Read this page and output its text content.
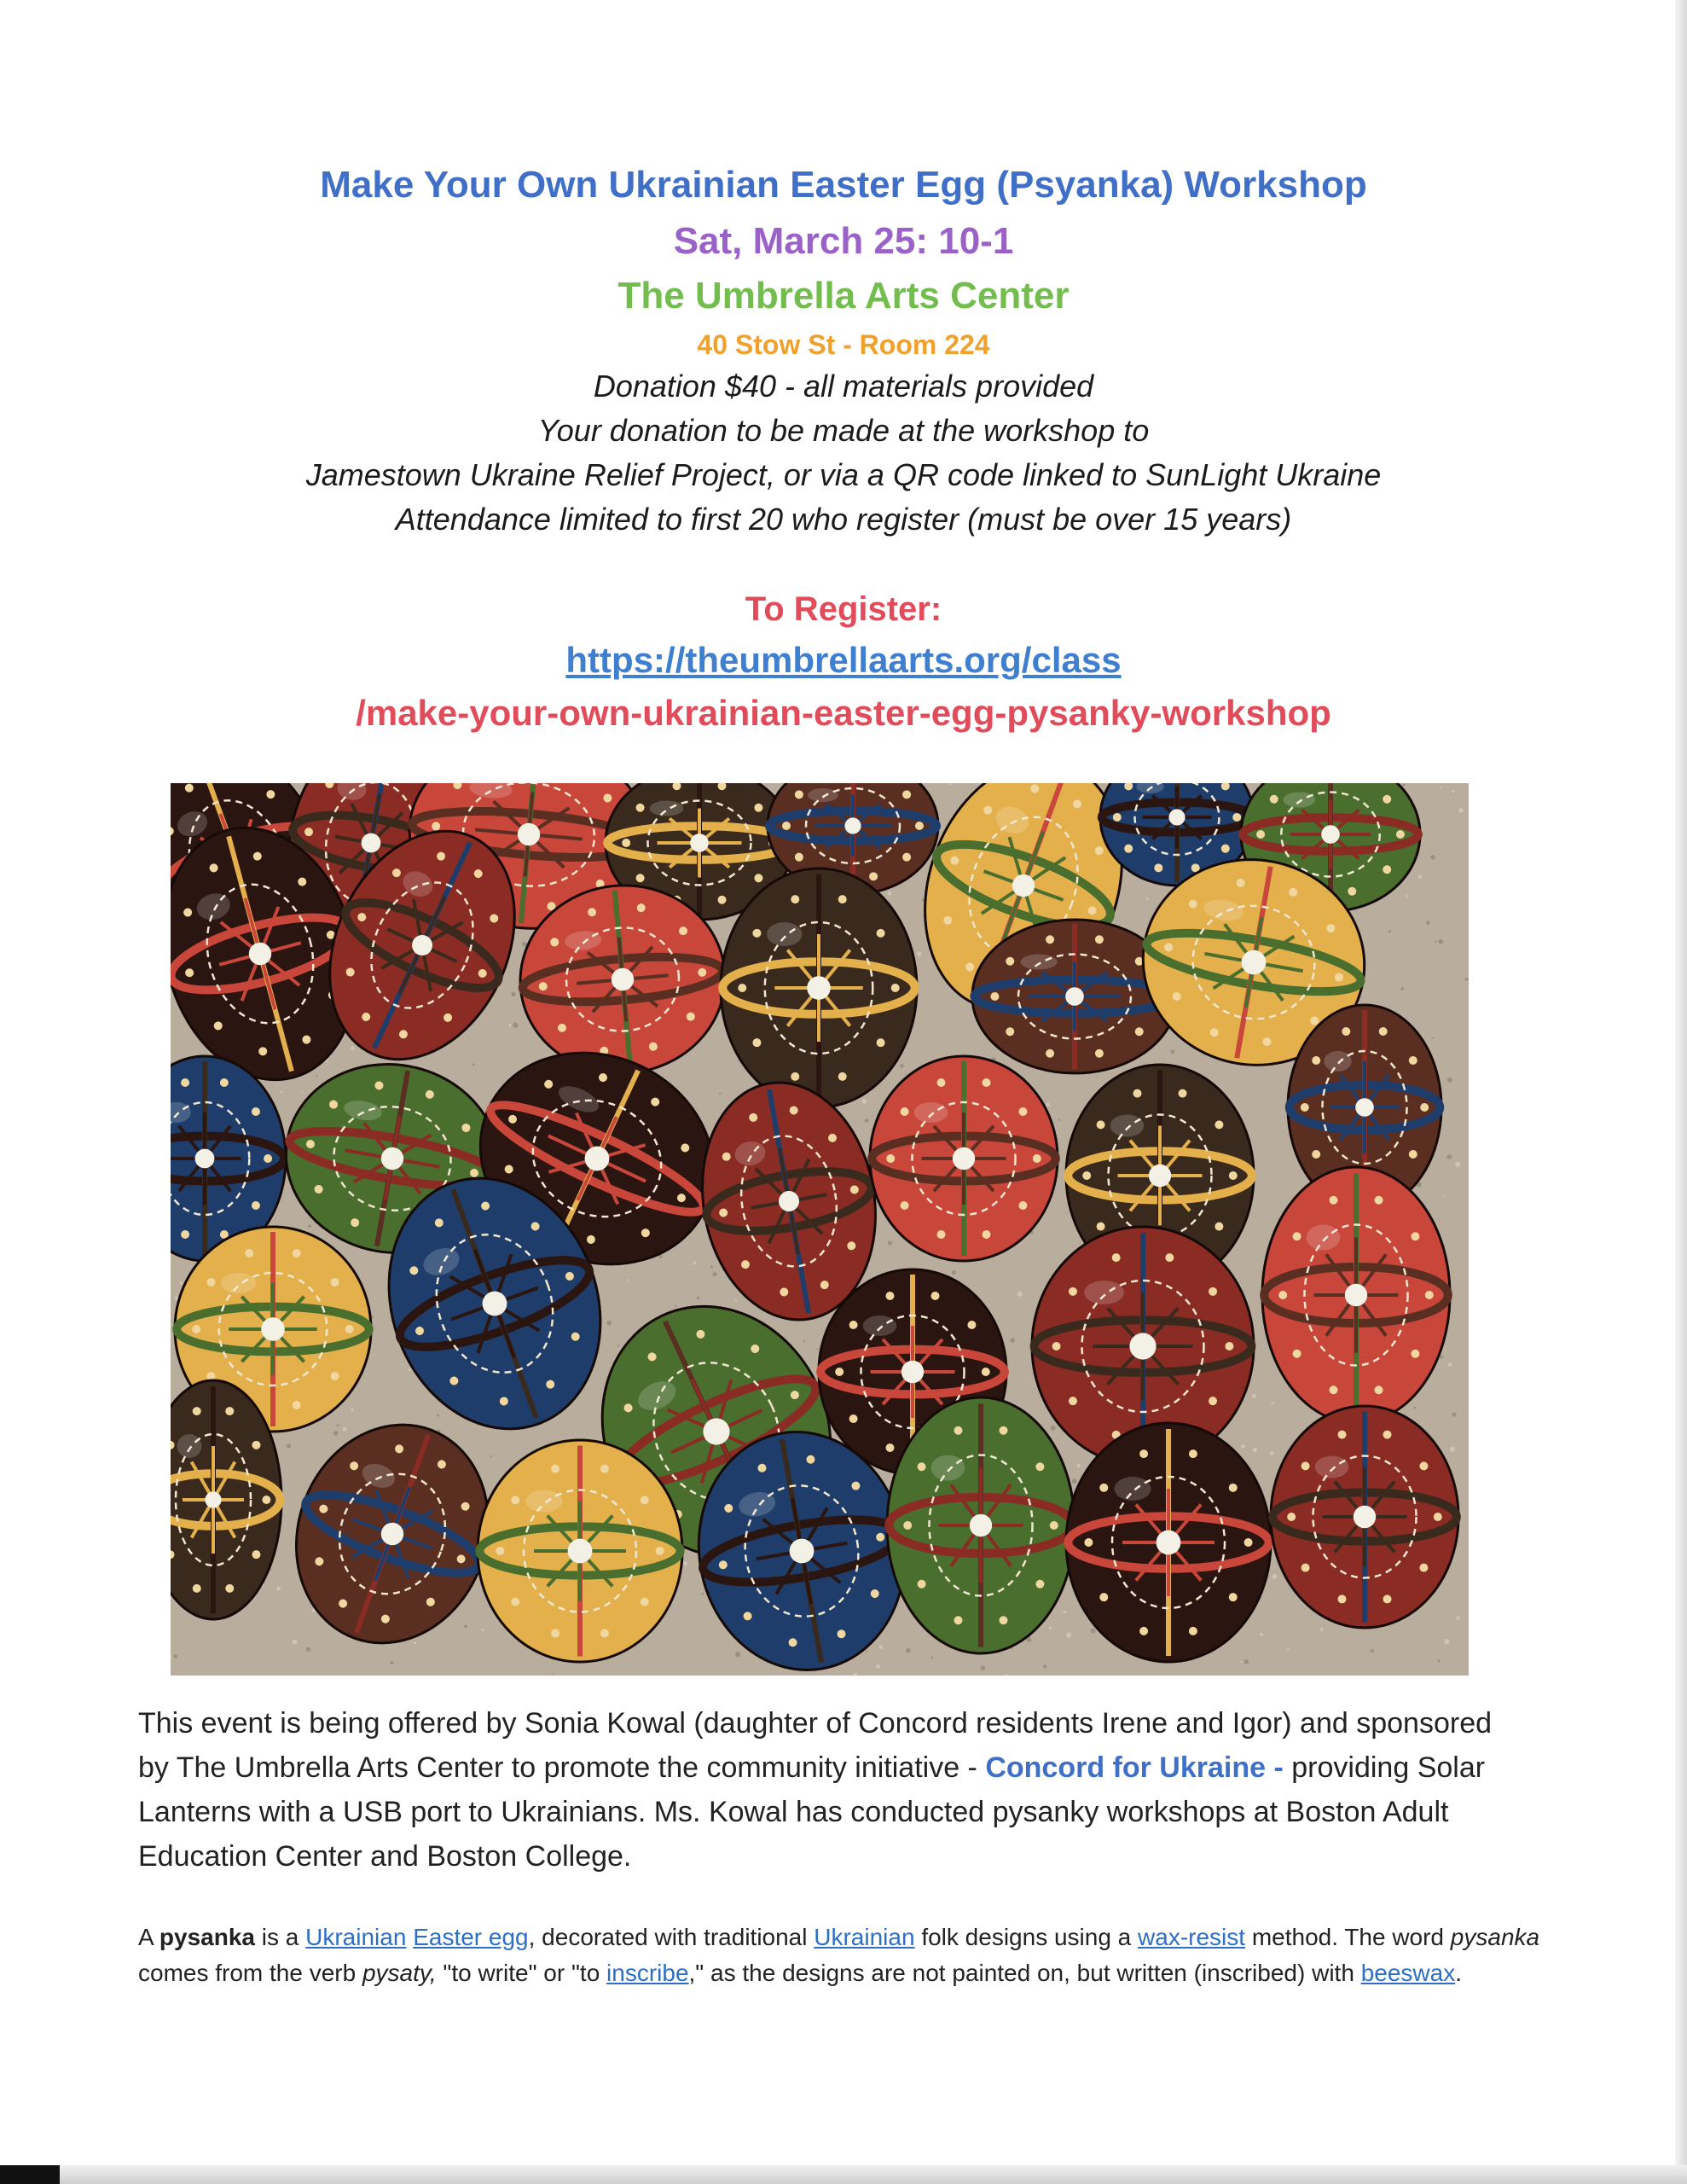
Make Your Own Ukrainian Easter Egg (Psyanka) Workshop
Sat, March 25: 10-1
The Umbrella Arts Center
40 Stow St - Room 224
Donation $40 - all materials provided
Your donation to be made at the workshop to
Jamestown Ukraine Relief Project, or via a QR code linked to SunLight Ukraine
Attendance limited to first 20 who register (must be over 15 years)
To Register:
https://theumbrellaarts.org/class
/make-your-own-ukrainian-easter-egg-pysanky-workshop
This event is being offered by Sonia Kowal (daughter of Concord residents Irene and Igor) and sponsored by The Umbrella Arts Center to promote the community initiative - Concord for Ukraine - providing Solar Lanterns with a USB port to Ukrainians. Ms. Kowal has conducted pysanky workshops at Boston Adult Education Center and Boston College.
A pysanka is a Ukrainian Easter egg, decorated with traditional Ukrainian folk designs using a wax-resist method. The word pysanka comes from the verb pysaty, "to write" or "to inscribe," as the designs are not painted on, but written (inscribed) with beeswax.
